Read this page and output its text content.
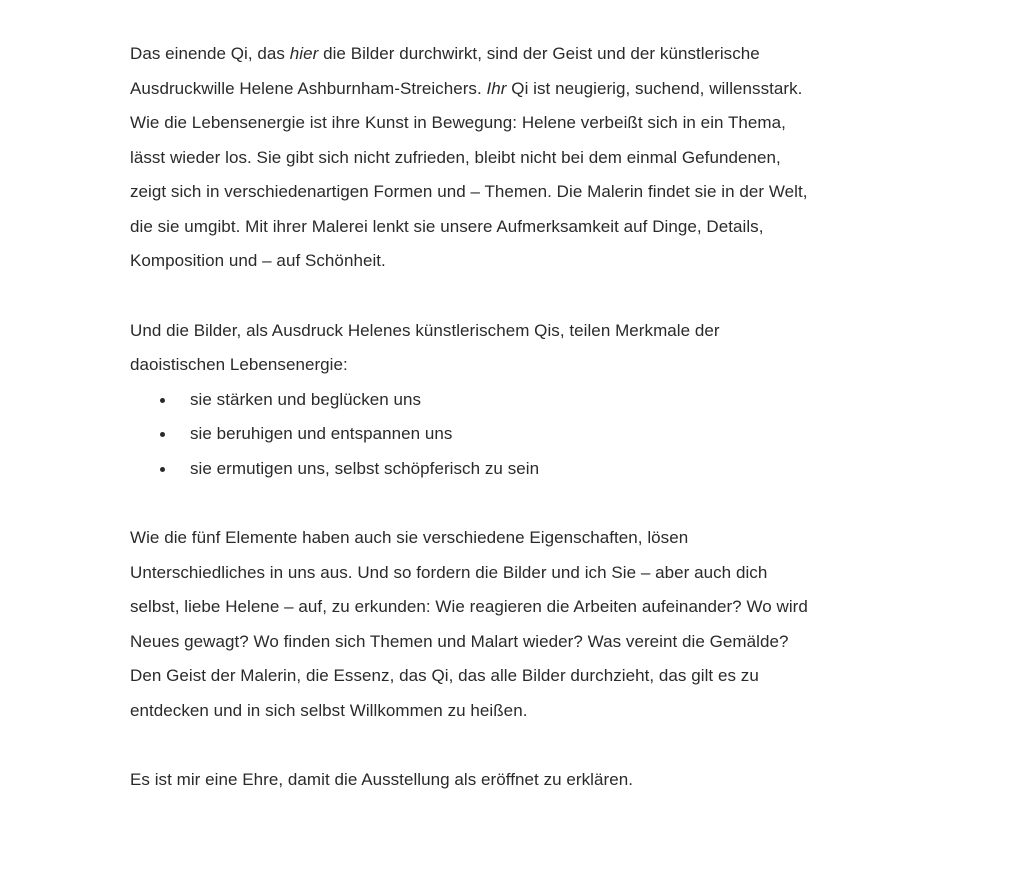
Das einende Qi, das hier die Bilder durchwirkt, sind der Geist und der künstlerische
Ausdruckwille Helene Ashburnham-Streichers. Ihr Qi ist neugierig, suchend, willensstark.
Wie die Lebensenergie ist ihre Kunst in Bewegung: Helene verbeißt sich in ein Thema,
lässt wieder los. Sie gibt sich nicht zufrieden, bleibt nicht bei dem einmal Gefundenen,
zeigt sich in verschiedenartigen Formen und – Themen. Die Malerin findet sie in der Welt,
die sie umgibt. Mit ihrer Malerei lenkt sie unsere Aufmerksamkeit auf Dinge, Details,
Komposition und – auf Schönheit.

Und die Bilder, als Ausdruck Helenes künstlerischem Qis, teilen Merkmale der
daoistischen Lebensenergie:

sie stärken und beglücken uns
sie beruhigen und entspannen uns
sie ermutigen uns, selbst schöpferisch zu sein

Wie die fünf Elemente haben auch sie verschiedene Eigenschaften, lösen
Unterschiedliches in uns aus. Und so fordern die Bilder und ich Sie – aber auch dich
selbst, liebe Helene – auf, zu erkunden: Wie reagieren die Arbeiten aufeinander? Wo wird
Neues gewagt? Wo finden sich Themen und Malart wieder? Was vereint die Gemälde?
Den Geist der Malerin, die Essenz, das Qi, das alle Bilder durchzieht, das gilt es zu
entdecken und in sich selbst Willkommen zu heißen.

Es ist mir eine Ehre, damit die Ausstellung als eröffnet zu erklären.
